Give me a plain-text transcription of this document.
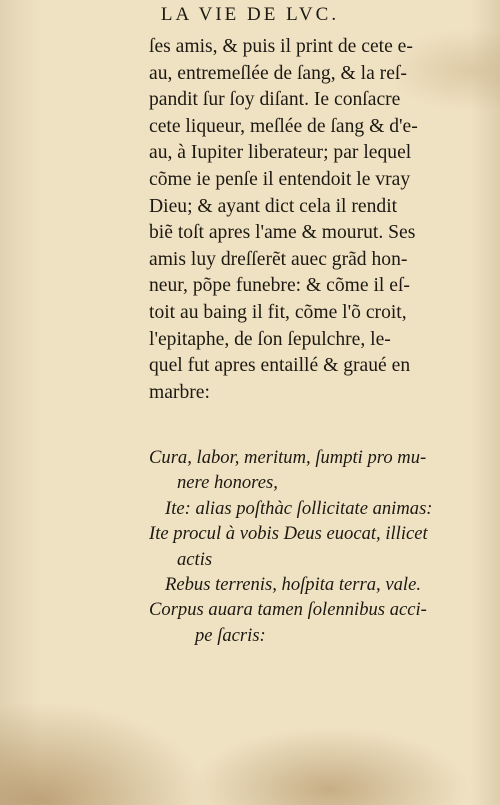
LA VIE DE LVC.
ſes amis, & puis il print de cete e-
au, entremeſlée de ſang, & la reſ-
pandit ſur ſoy diſant. Ie conſacre
cete liqueur, meſlée de ſang & d'e-
au, à Iupiter liberateur; par lequel
cõme ie penſe il entendoit le vray
Dieu; & ayant dict cela il rendit
biẽ toſt apres l'ame & mourut. Ses
amis luy dreſſerẽt auec grãd hon-
neur, põpe funebre: & cõme il eſ-
toit au baing il fit, cõme l'õ croit,
l'epitaphe, de ſon ſepulchre, le-
quel fut apres entaillé & graué en
marbre:
Cura, labor, meritum, ſumpti pro mu-
nere honores,
Ite: alias poſthàc ſollicitate animas:
Ite procul à vobis Deus euocat, illicet
actis
Rebus terrenis, hoſpita terra, vale.
Corpus auara tamen ſolennibus acci-
pe ſacris:
